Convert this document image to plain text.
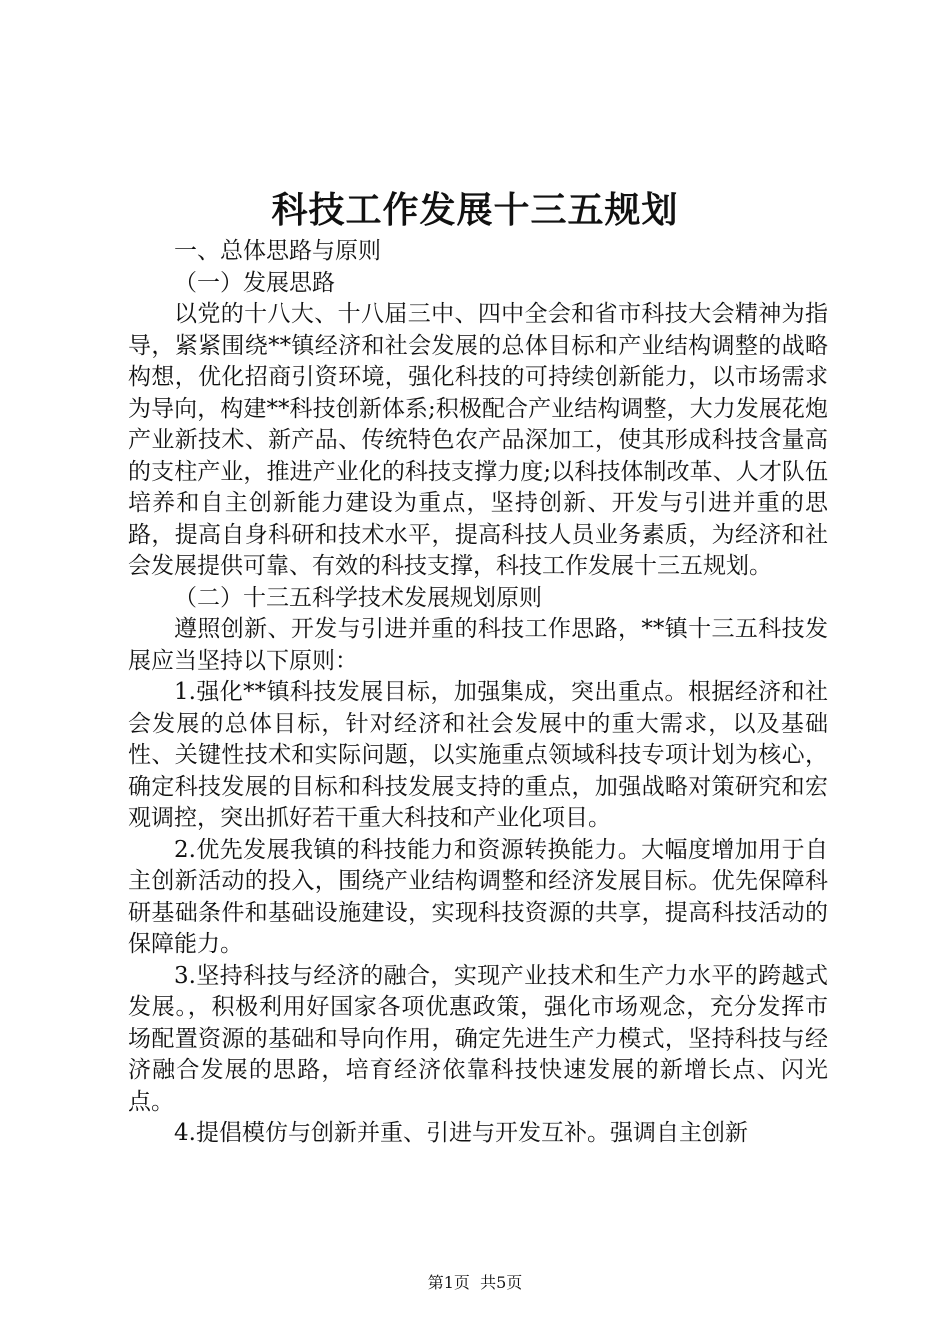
科技工作发展十三五规划

一、总体思路与原则

（一）发展思路

以党的十八大、十八届三中、四中全会和省市科技大会精神为指导，紧紧围绕**镇经济和社会发展的总体目标和产业结构调整的战略构想，优化招商引资环境，强化科技的可持续创新能力，以市场需求为导向，构建**科技创新体系;积极配合产业结构调整，大力发展花炮产业新技术、新产品、传统特色农产品深加工，使其形成科技含量高的支柱产业，推进产业化的科技支撑力度;以科技体制改革、人才队伍培养和自主创新能力建设为重点，坚持创新、开发与引进并重的思路，提高自身科研和技术水平，提高科技人员业务素质，为经济和社会发展提供可靠、有效的科技支撑，科技工作发展十三五规划。

（二）十三五科学技术发展规划原则

遵照创新、开发与引进并重的科技工作思路，**镇十三五科技发展应当坚持以下原则：

1.强化**镇科技发展目标，加强集成，突出重点。根据经济和社会发展的总体目标，针对经济和社会发展中的重大需求，以及基础性、关键性技术和实际问题，以实施重点领域科技专项计划为核心，确定科技发展的目标和科技发展支持的重点，加强战略对策研究和宏观调控，突出抓好若干重大科技和产业化项目。

2.优先发展我镇的科技能力和资源转换能力。大幅度增加用于自主创新活动的投入，围绕产业结构调整和经济发展目标。优先保障科研基础条件和基础设施建设，实现科技资源的共享，提高科技活动的保障能力。

3.坚持科技与经济的融合，实现产业技术和生产力水平的跨越式发展。，积极利用好国家各项优惠政策，强化市场观念，充分发挥市场配置资源的基础和导向作用，确定先进生产力模式，坚持科技与经济融合发展的思路，培育经济依靠科技快速发展的新增长点、闪光点。

4.提倡模仿与创新并重、引进与开发互补。强调自主创新

第1页 共5页
